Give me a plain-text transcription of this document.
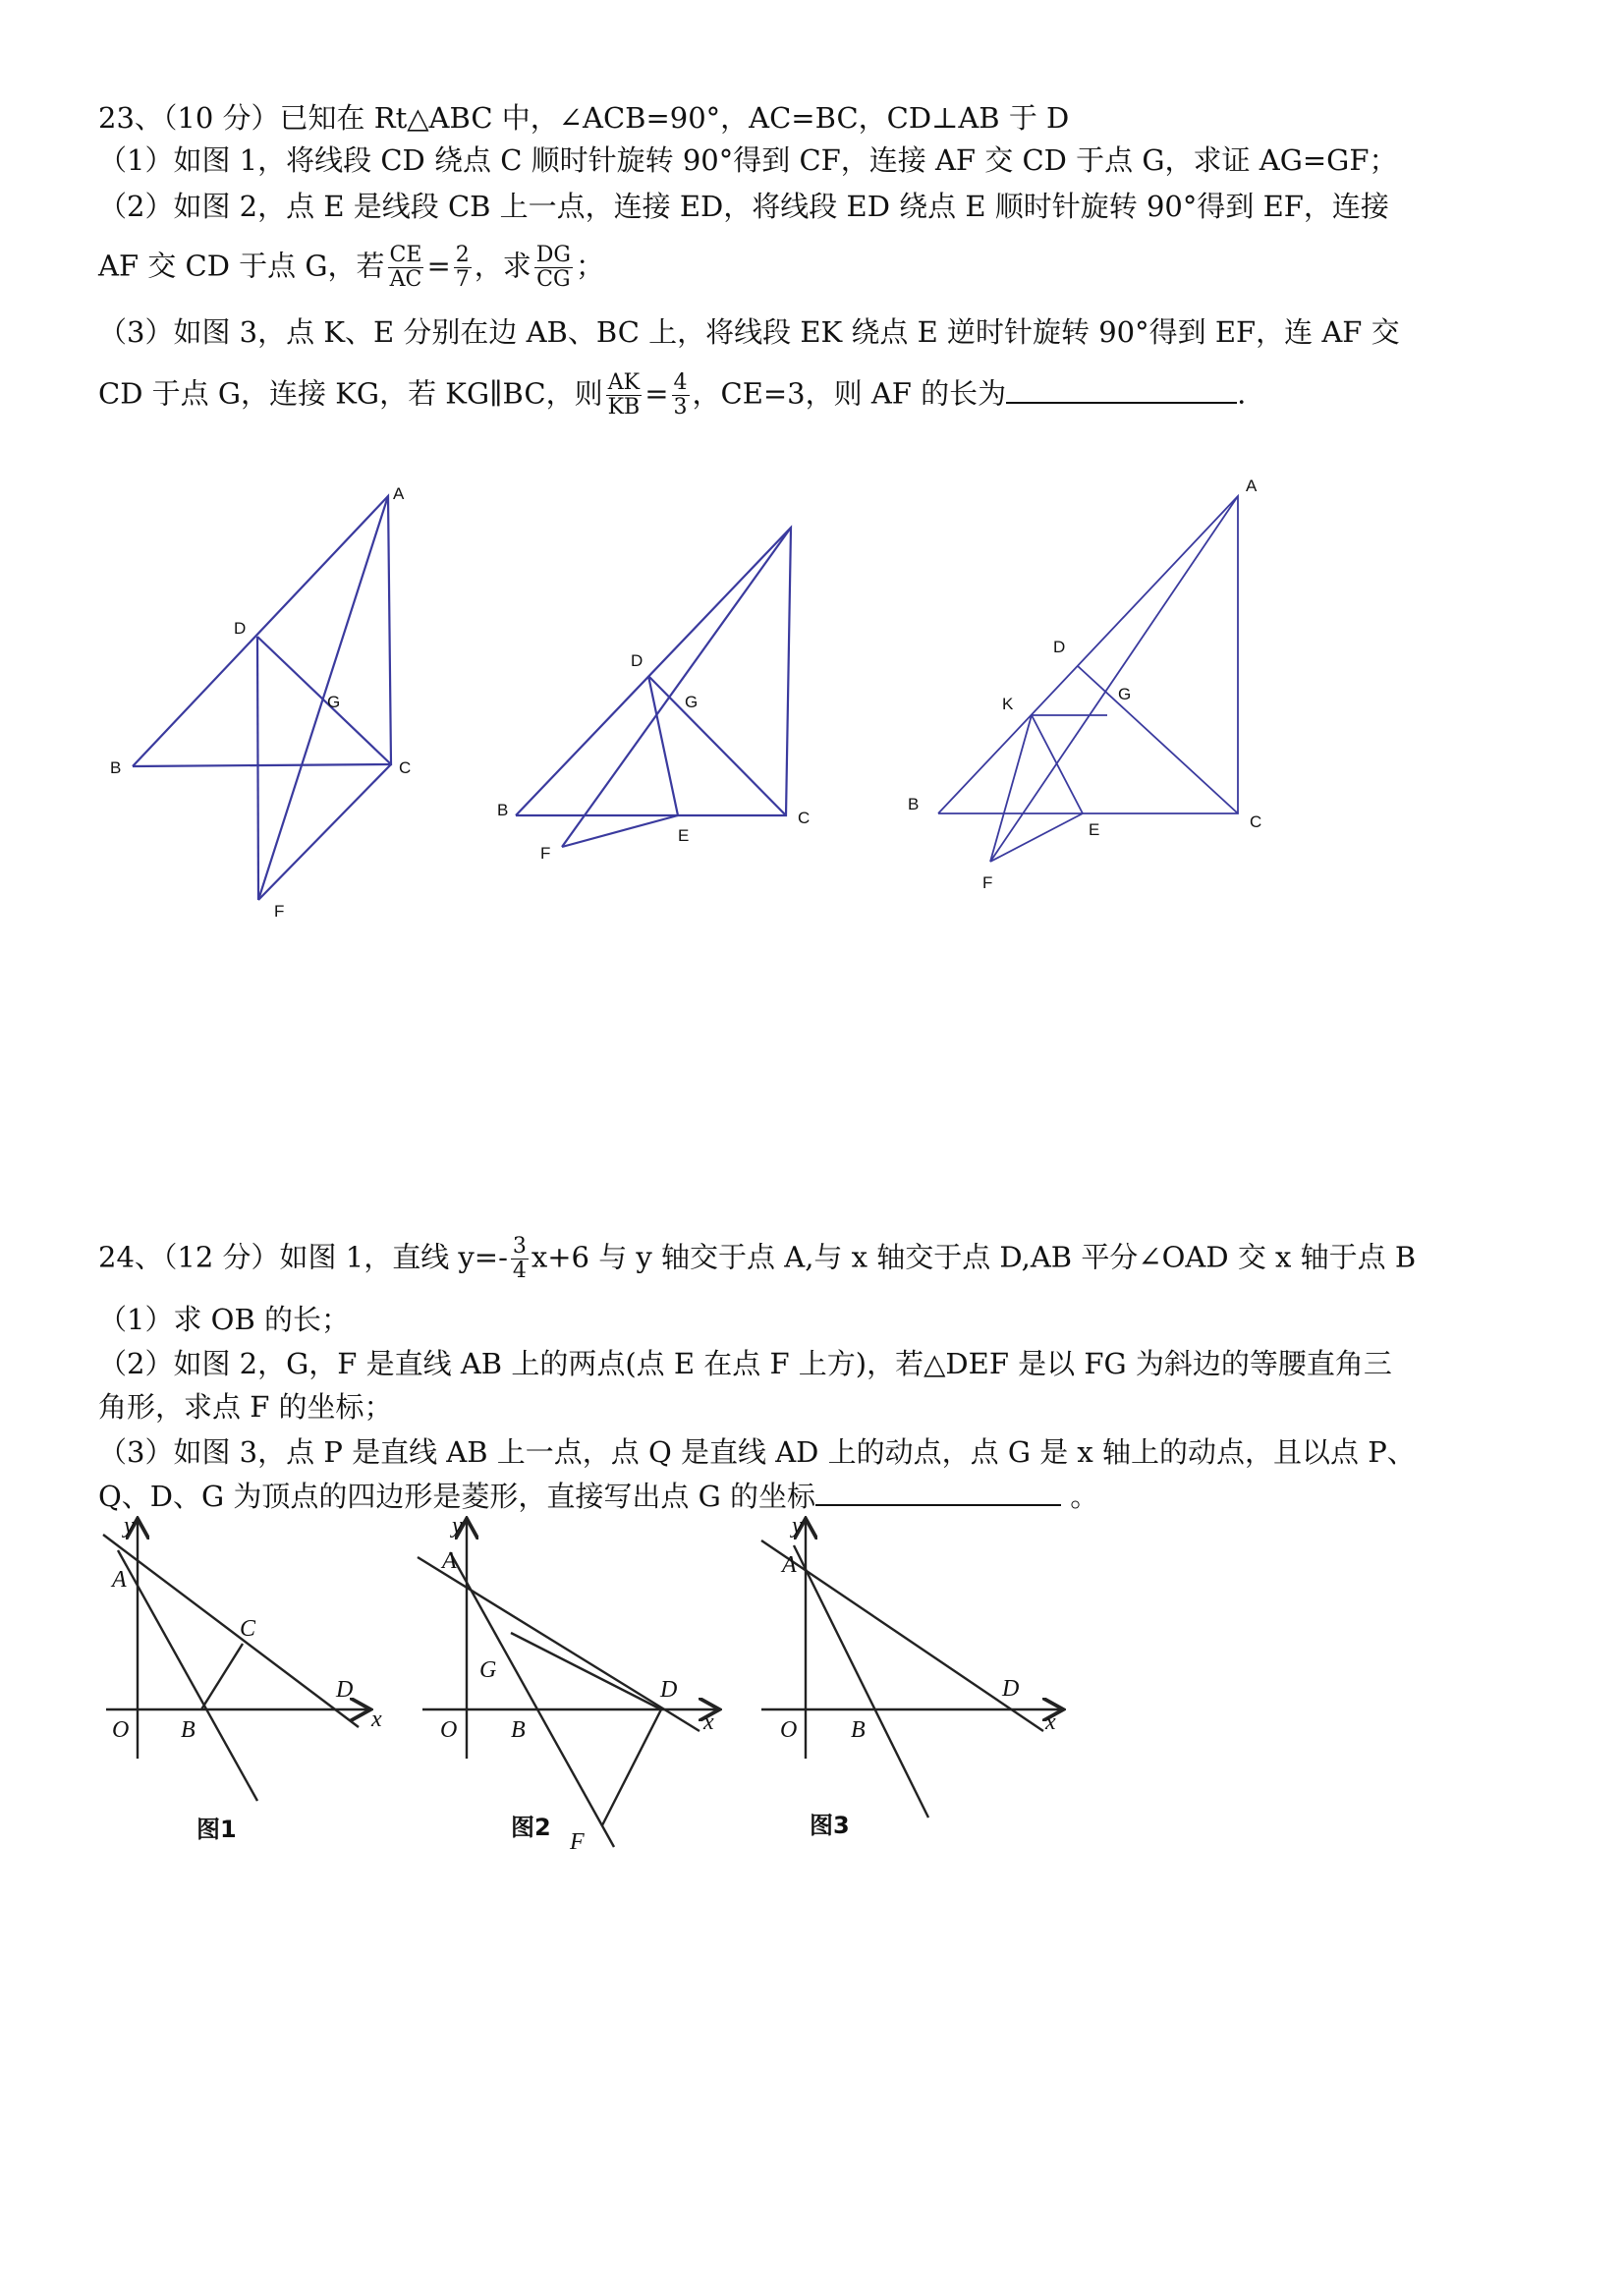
23、（10 分）已知在 Rt△ABC 中，∠ACB=90°，AC=BC，CD⊥AB 于 D
（1）如图 1，将线段 CD 绕点 C 顺时针旋转 90°得到 CF，连接 AF 交 CD 于点 G，求证 AG=GF；
（2）如图 2，点 E 是线段 CB 上一点，连接 ED，将线段 ED 绕点 E 顺时针旋转 90°得到 EF，连接
AF 交 CD 于点 G，若 $\frac{CE}{AC} = \frac{2}{7}$ ，求 $\frac{DG}{CG}$ ；
（3）如图 3，点 K、E 分别在边 AB、BC 上，将线段 EK 绕点 E 逆时针旋转 90°得到 EF，连 AF 交
CD 于点 G，连接 KG，若 KG∥BC，则 $\frac{AK}{KB} = \frac{4}{3}$ ，CE=3，则 AF 的长为	.
A
D
G
B	C
F
D
G
B	C
E
F
A
D
G
K
B
C
E
F
24、（12 分）如图 1，直线 $y=- \frac{3}{4} x+6$ 与 y 轴交于点 A,与 x 轴交于点 D,AB 平分∠OAD 交 x 轴于点 B
（1）求 OB 的长；
（2）如图 2，G，F 是直线 AB 上的两点(点 E 在点 F 上方)，若△DEF 是以 FG 为斜边的等腰直角三
角形，求点 F 的坐标；
（3）如图 3，点 P 是直线 AB 上一点，点 Q 是直线 AD 上的动点，点 G 是 x 轴上的动点，且以点 P、
Q、D、G 为顶点的四边形是菱形，直接写出点 G 的坐标	。
A
y
C
D
x
O B
图1
A
y
G
D
x
O B
F
图2
A
y
D
x
O B
图3
